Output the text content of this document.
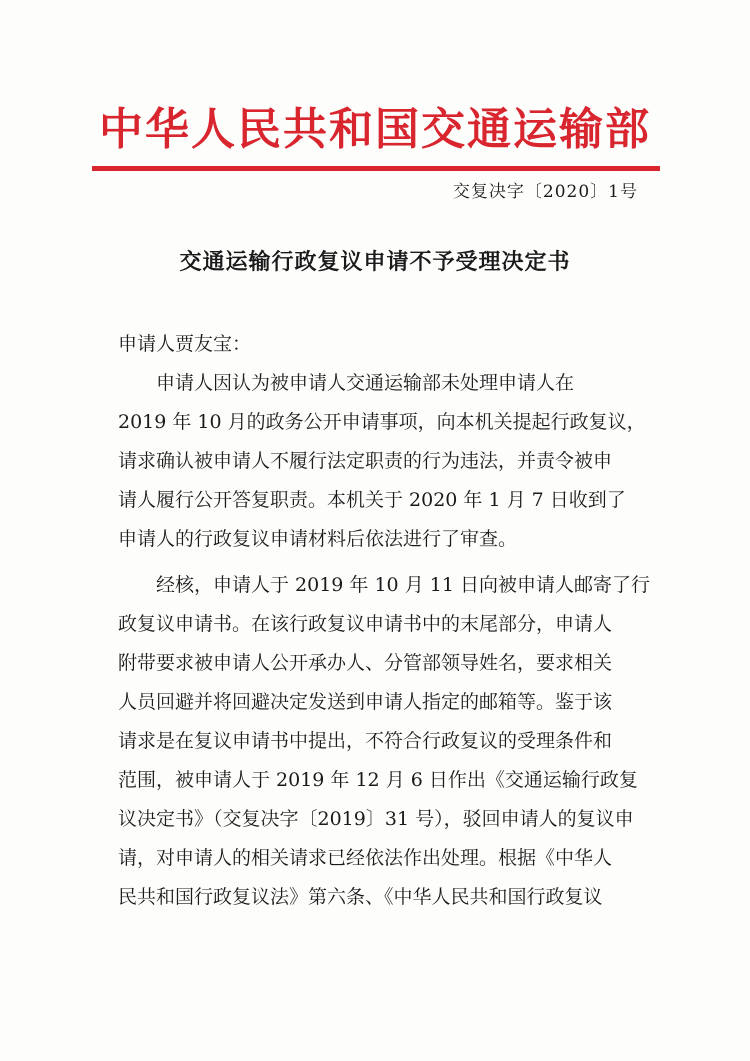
中华人民共和国交通运输部
交复决字〔2020〕1号
交通运输行政复议申请不予受理决定书
申请人贾友宝：
　　申请人因认为被申请人交通运输部未处理申请人在
2019 年 10 月的政务公开申请事项，向本机关提起行政复议，
请求确认被申请人不履行法定职责的行为违法，并责令被申
请人履行公开答复职责。本机关于 2020 年 1 月 7 日收到了
申请人的行政复议申请材料后依法进行了审查。
　　经核，申请人于 2019 年 10 月 11 日向被申请人邮寄了行
政复议申请书。在该行政复议申请书中的末尾部分，申请人
附带要求被申请人公开承办人、分管部领导姓名，要求相关
人员回避并将回避决定发送到申请人指定的邮箱等。鉴于该
请求是在复议申请书中提出，不符合行政复议的受理条件和
范围，被申请人于 2019 年 12 月 6 日作出《交通运输行政复
议决定书》（交复决字〔2019〕31 号），驳回申请人的复议申
请，对申请人的相关请求已经依法作出处理。根据《中华人
民共和国行政复议法》第六条、《中华人民共和国行政复议
